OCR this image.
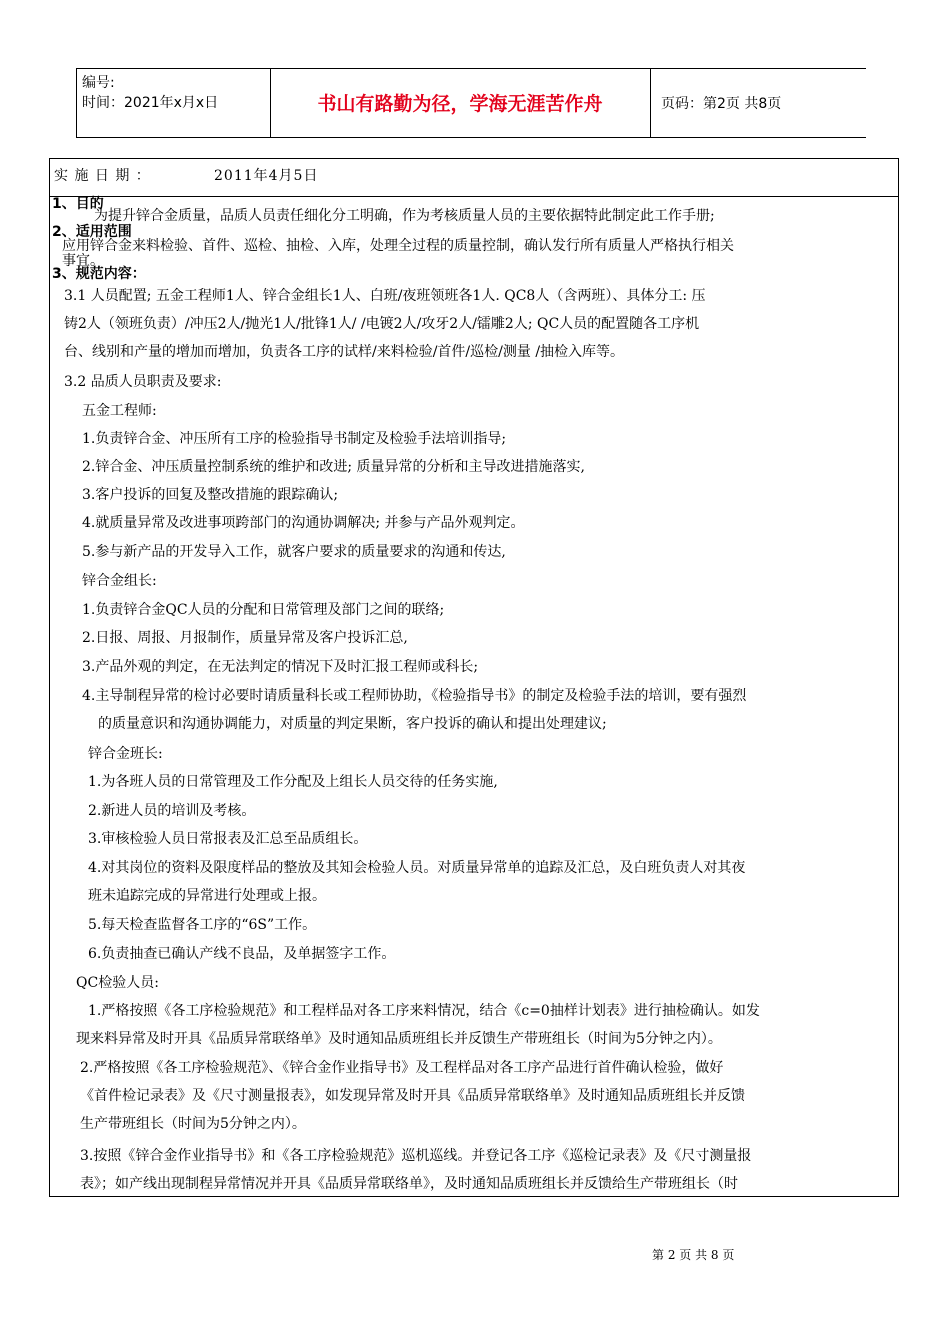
编号:
时间：2021年x月x日	书山有路勤为径，学海无涯苦作舟	页码：第2页 共8页
实 施 日 期 ：	2011年4月5日
1、目的
为提升锌合金质量，品质人员责任细化分工明确，作为考核质量人员的主要依据特此制定此工作手册;
2、适用范围
应用锌合金来料检验、首件、巡检、抽检、入库，处理全过程的质量控制，确认发行所有质量人严格执行相关
事宜。
3、规范内容：
3.1 人员配置; 五金工程师1人、锌合金组长1人、白班/夜班领班各1人. QC8人（含两班）、具体分工: 压
铸2人（领班负责）/冲压2人/抛光1人/批锋1人/ /电镀2人/攻牙2人/镭雕2人; QC人员的配置随各工序机
台、线别和产量的增加而增加，负责各工序的试样/来料检验/首件/巡检/测量 /抽检入库等。
3.2 品质人员职责及要求:
五金工程师:
1.负责锌合金、冲压所有工序的检验指导书制定及检验手法培训指导;
2.锌合金、冲压质量控制系统的维护和改进; 质量异常的分析和主导改进措施落实,
3.客户投诉的回复及整改措施的跟踪确认;
4.就质量异常及改进事项跨部门的沟通协调解决; 并参与产品外观判定。
5.参与新产品的开发导入工作，就客户要求的质量要求的沟通和传达,
锌合金组长:
1.负责锌合金QC人员的分配和日常管理及部门之间的联络;
2.日报、周报、月报制作，质量异常及客户投诉汇总,
3.产品外观的判定，在无法判定的情况下及时汇报工程师或科长;
4.主导制程异常的检讨必要时请质量科长或工程师协助，《检验指导书》的制定及检验手法的培训，要有强烈
的质量意识和沟通协调能力，对质量的判定果断，客户投诉的确认和提出处理建议;
锌合金班长:
1.为各班人员的日常管理及工作分配及上组长人员交待的任务实施,
2.新进人员的培训及考核。
3.审核检验人员日常报表及汇总至品质组长。
4.对其岗位的资料及限度样品的整放及其知会检验人员。对质量异常单的追踪及汇总，及白班负责人对其夜
班未追踪完成的异常进行处理或上报。
5.每天检查监督各工序的“6S”工作。
6.负责抽查已确认产线不良品，及单据签字工作。
QC检验人员:
1.严格按照《各工序检验规范》和工程样品对各工序来料情况，结合《c=0抽样计划表》进行抽检确认。如发
现来料异常及时开具《品质异常联络单》及时通知品质班组长并反馈生产带班组长（时间为5分钟之内）。
2.严格按照《各工序检验规范》、《锌合金作业指导书》及工程样品对各工序产品进行首件确认检验，做好
《首件检记录表》及《尺寸测量报表》，如发现异常及时开具《品质异常联络单》及时通知品质班组长并反馈
生产带班组长（时间为5分钟之内）。
3.按照《锌合金作业指导书》和《各工序检验规范》巡机巡线。并登记各工序《巡检记录表》及《尺寸测量报
表》；如产线出现制程异常情况并开具《品质异常联络单》，及时通知品质班组长并反馈给生产带班组长（时
第 2 页 共 8 页
